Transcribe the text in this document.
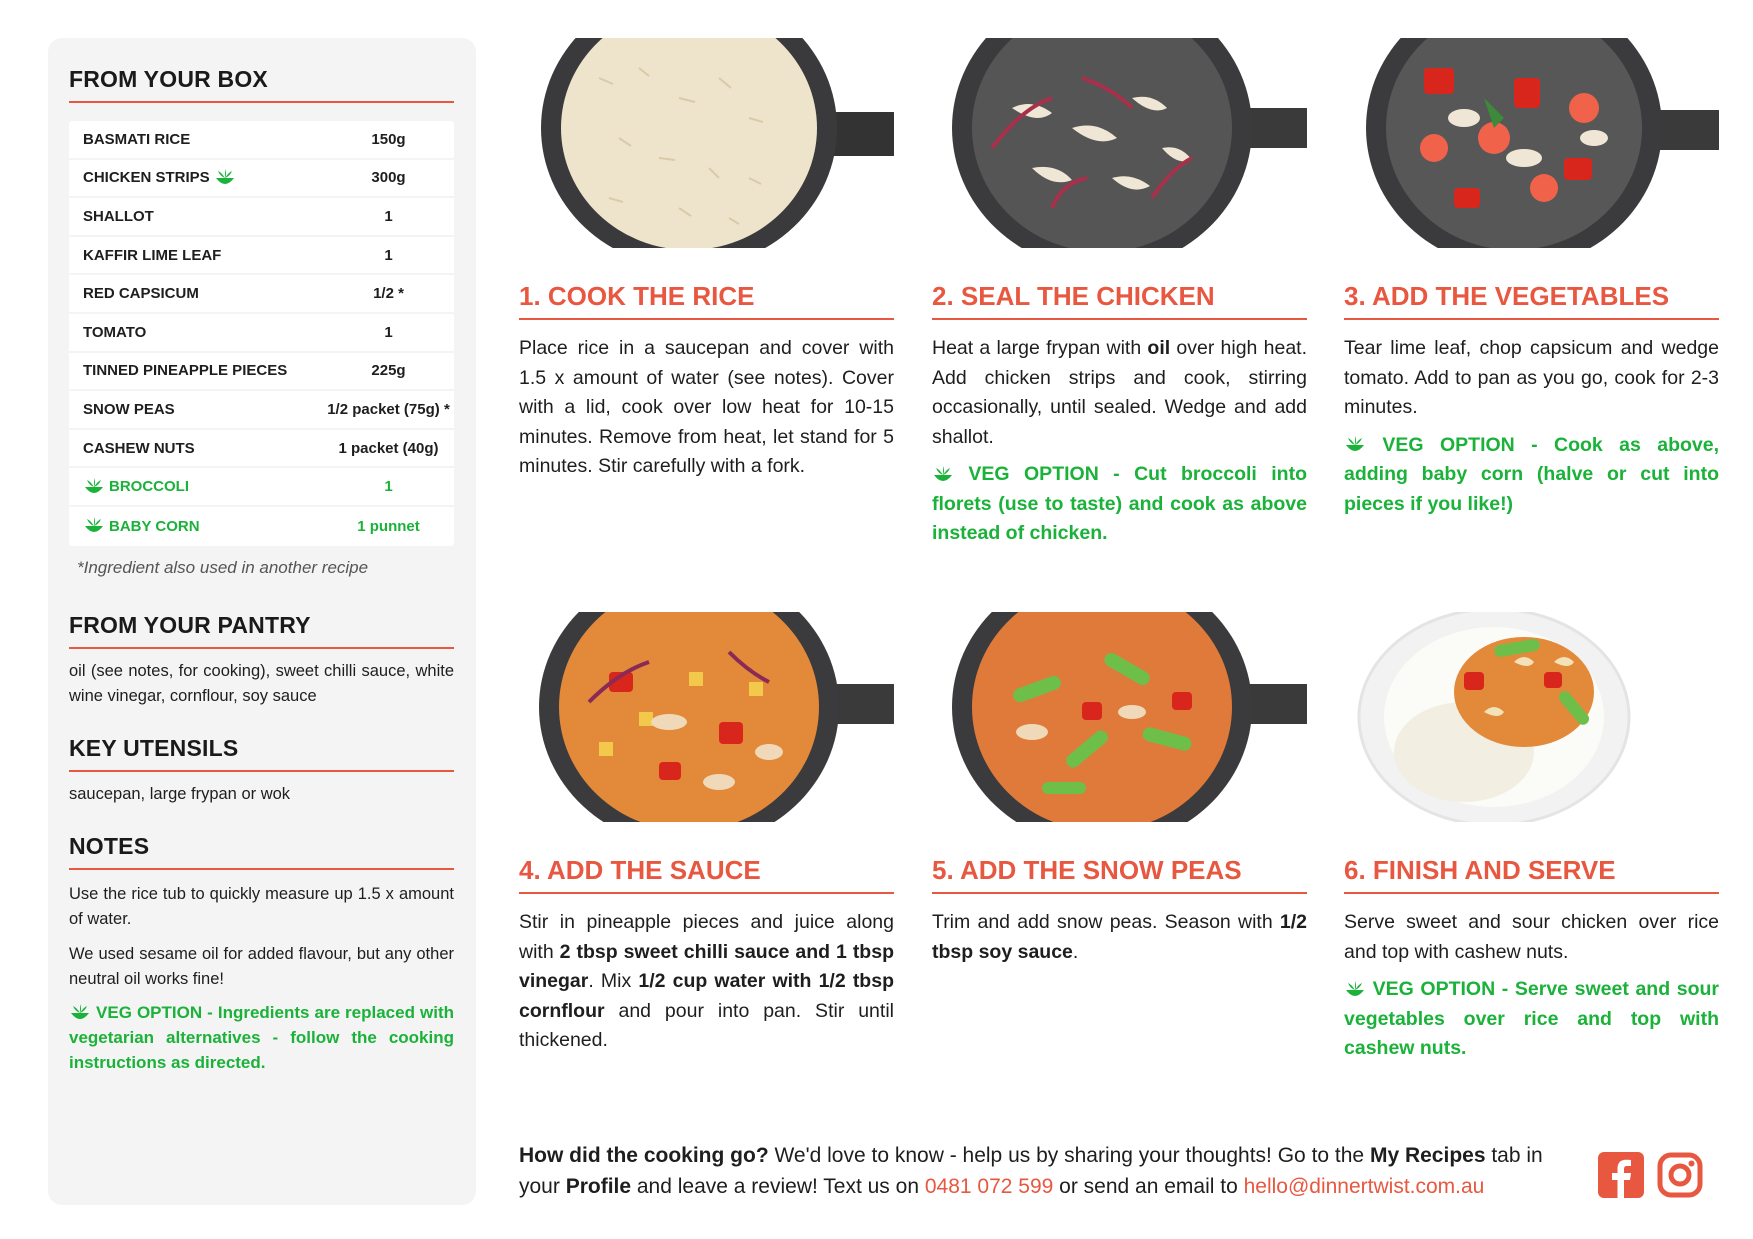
FROM YOUR BOX
BASMATI RICE	150g
CHICKEN STRIPS	300g
SHALLOT	1
KAFFIR LIME LEAF	1
RED CAPSICUM	1/2 *
TOMATO	1
TINNED PINEAPPLE PIECES	225g
SNOW PEAS	1/2 packet (75g) *
CASHEW NUTS	1 packet (40g)
BROCCOLI	1
BABY CORN	1 punnet
*Ingredient also used in another recipe
FROM YOUR PANTRY
oil (see notes, for cooking), sweet chilli sauce, white wine vinegar, cornflour, soy sauce
KEY UTENSILS
saucepan, large frypan or wok
NOTES
Use the rice tub to quickly measure up 1.5 x amount of water.
We used sesame oil for added flavour, but any other neutral oil works fine!
VEG OPTION - Ingredients are replaced with vegetarian alternatives - follow the cooking instructions as directed.
1. COOK THE RICE
Place rice in a saucepan and cover with 1.5 x amount of water (see notes). Cover with a lid, cook over low heat for 10-15 minutes. Remove from heat, let stand for 5 minutes. Stir carefully with a fork.
2. SEAL THE CHICKEN
Heat a large frypan with oil over high heat. Add chicken strips and cook, stirring occasionally, until sealed. Wedge and add shallot.
VEG OPTION - Cut broccoli into florets (use to taste) and cook as above instead of chicken.
3. ADD THE VEGETABLES
Tear lime leaf, chop capsicum and wedge tomato. Add to pan as you go, cook for 2-3 minutes.
VEG OPTION - Cook as above, adding baby corn (halve or cut into pieces if you like!)
4. ADD THE SAUCE
Stir in pineapple pieces and juice along with 2 tbsp sweet chilli sauce and 1 tbsp vinegar. Mix 1/2 cup water with 1/2 tbsp cornflour and pour into pan. Stir until thickened.
5. ADD THE SNOW PEAS
Trim and add snow peas. Season with 1/2 tbsp soy sauce.
6. FINISH AND SERVE
Serve sweet and sour chicken over rice and top with cashew nuts.
VEG OPTION - Serve sweet and sour vegetables over rice and top with cashew nuts.
How did the cooking go? We'd love to know - help us by sharing your thoughts! Go to the My Recipes tab in your Profile and leave a review! Text us on 0481 072 599 or send an email to hello@dinnertwist.com.au
